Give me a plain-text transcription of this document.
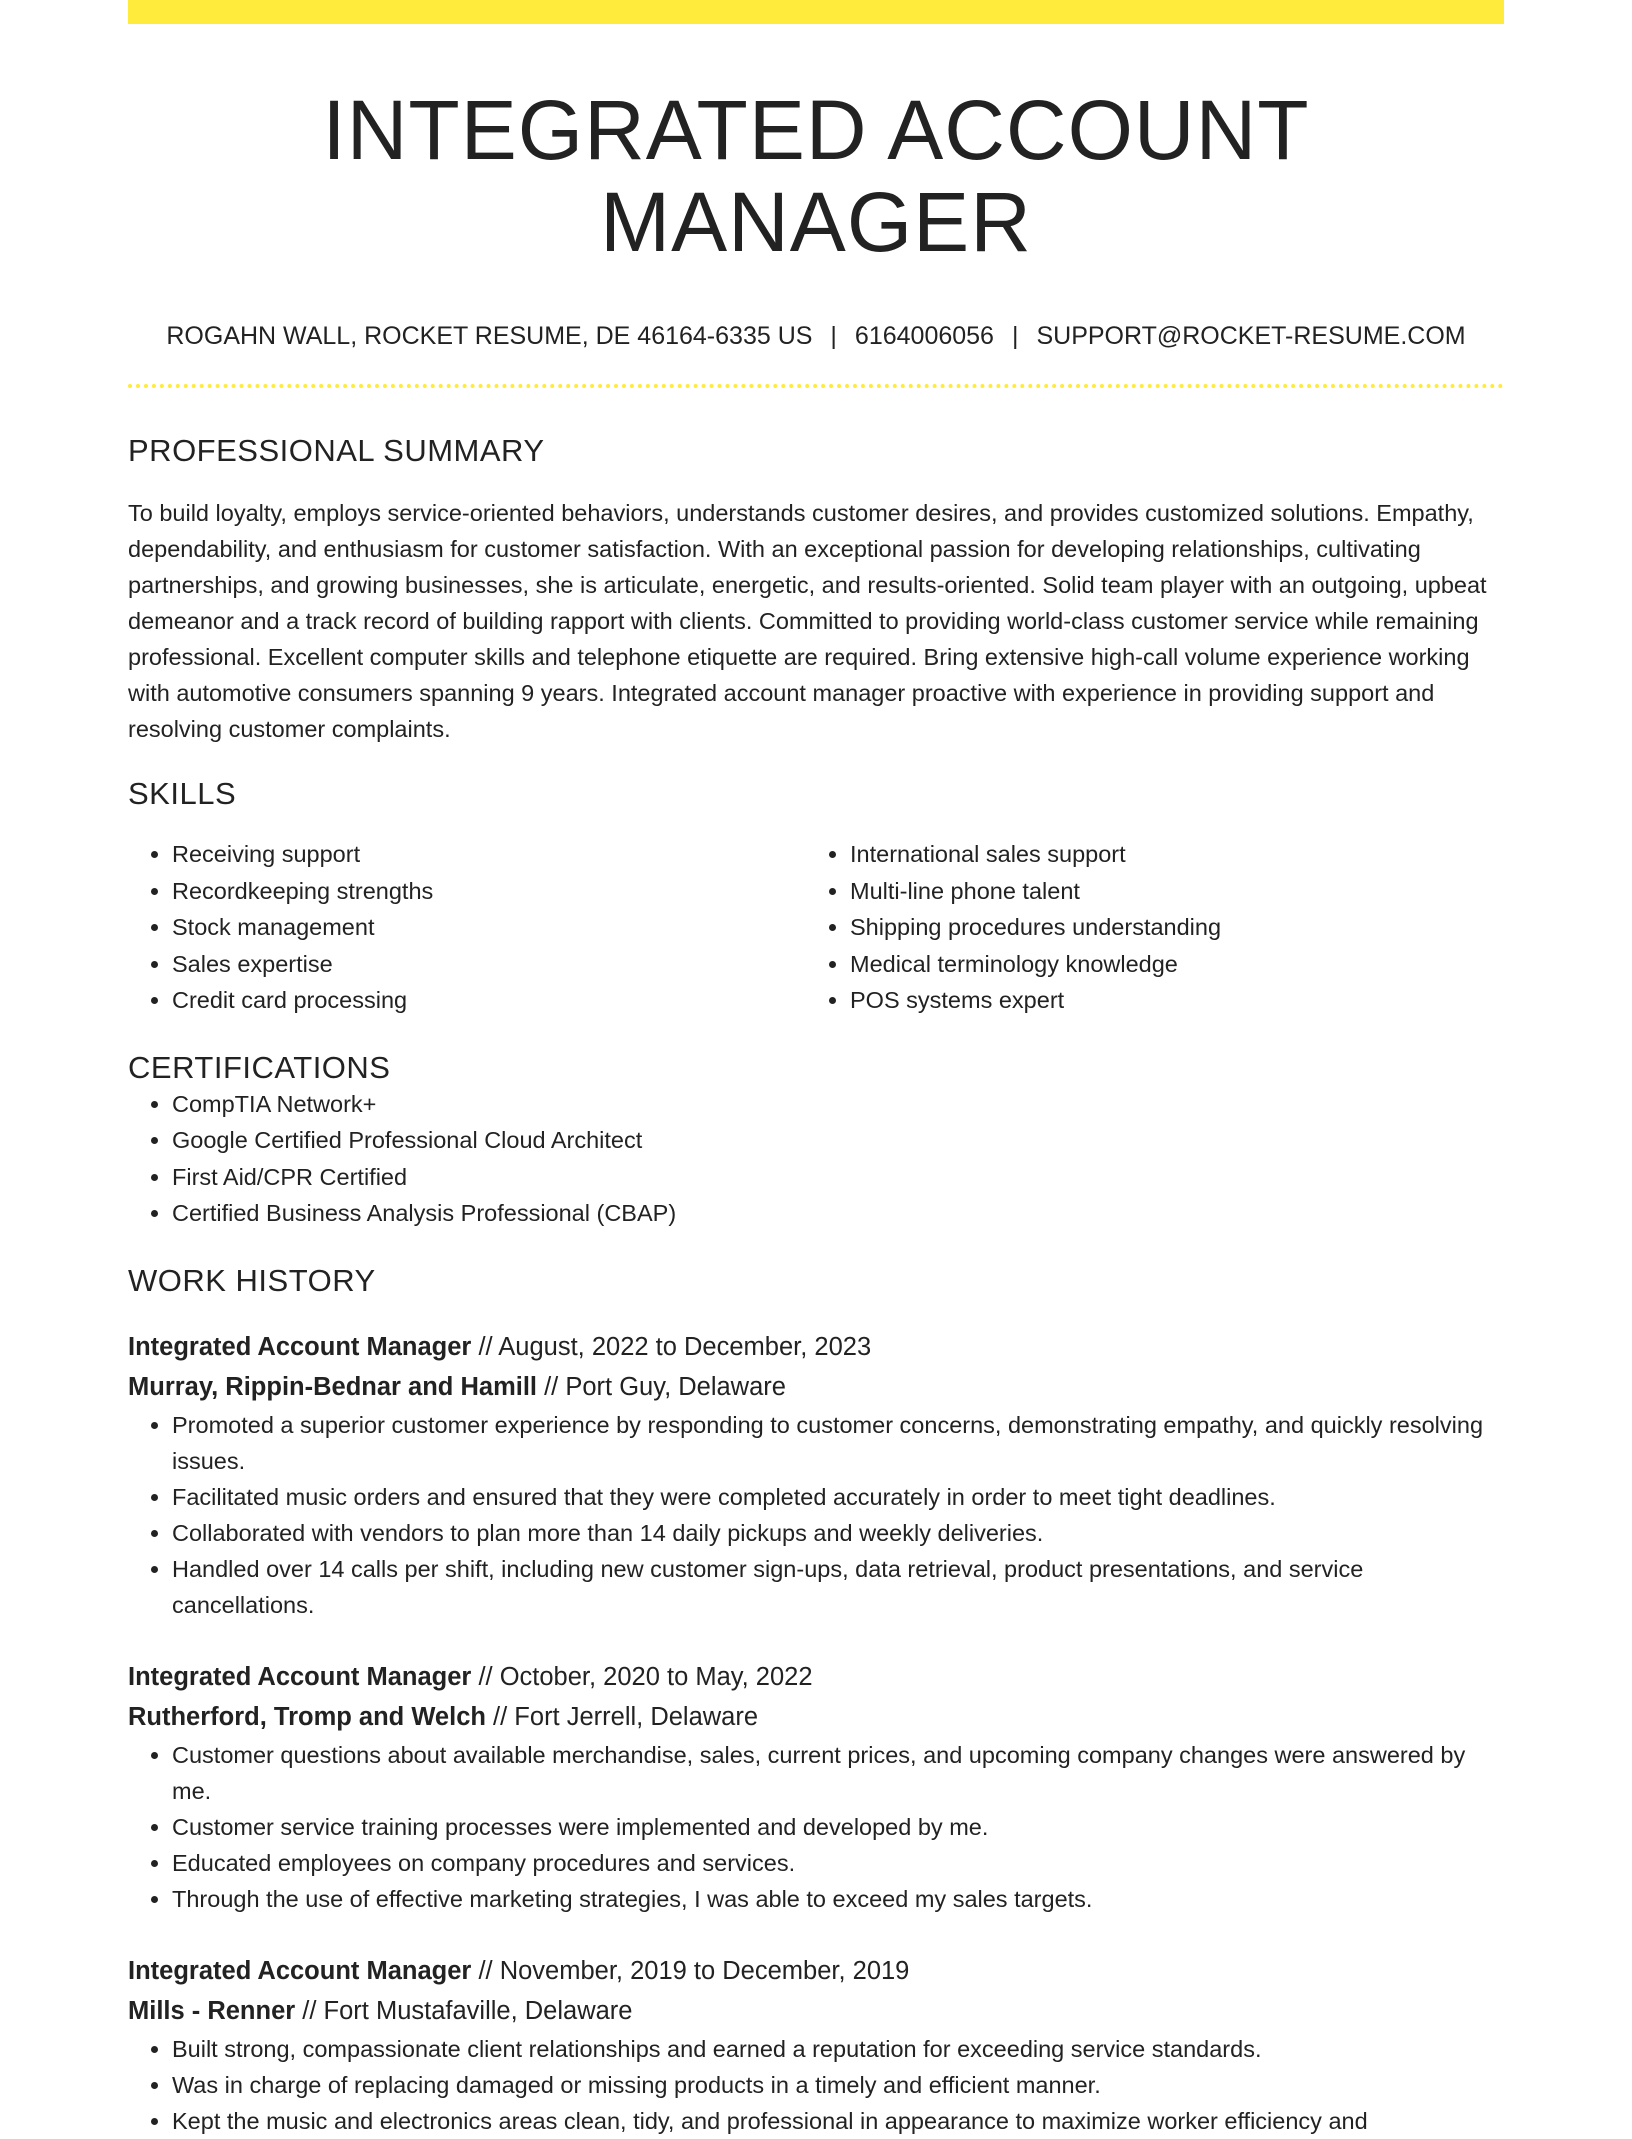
INTEGRATED ACCOUNT MANAGER
ROGAHN WALL, ROCKET RESUME, DE 46164-6335 US | 6164006056 | SUPPORT@ROCKET-RESUME.COM
PROFESSIONAL SUMMARY

To build loyalty, employs service-oriented behaviors, understands customer desires, and provides customized solutions. Empathy, dependability, and enthusiasm for customer satisfaction. With an exceptional passion for developing relationships, cultivating partnerships, and growing businesses, she is articulate, energetic, and results-oriented. Solid team player with an outgoing, upbeat demeanor and a track record of building rapport with clients. Committed to providing world-class customer service while remaining professional. Excellent computer skills and telephone etiquette are required. Bring extensive high-call volume experience working with automotive consumers spanning 9 years. Integrated account manager proactive with experience in providing support and resolving customer complaints.

SKILLS
• Receiving support
• Recordkeeping strengths
• Stock management
• Sales expertise
• Credit card processing
• International sales support
• Multi-line phone talent
• Shipping procedures understanding
• Medical terminology knowledge
• POS systems expert
CERTIFICATIONS
• CompTIA Network+
• Google Certified Professional Cloud Architect
• First Aid/CPR Certified
• Certified Business Analysis Professional (CBAP)
WORK HISTORY
Integrated Account Manager // August, 2022 to December, 2023
Murray, Rippin-Bednar and Hamill // Port Guy, Delaware
• Promoted a superior customer experience by responding to customer concerns, demonstrating empathy, and quickly resolving issues.
• Facilitated music orders and ensured that they were completed accurately in order to meet tight deadlines.
• Collaborated with vendors to plan more than 14 daily pickups and weekly deliveries.
• Handled over 14 calls per shift, including new customer sign-ups, data retrieval, product presentations, and service cancellations.
Integrated Account Manager // October, 2020 to May, 2022
Rutherford, Tromp and Welch // Fort Jerrell, Delaware
• Customer questions about available merchandise, sales, current prices, and upcoming company changes were answered by me.
• Customer service training processes were implemented and developed by me.
• Educated employees on company procedures and services.
• Through the use of effective marketing strategies, I was able to exceed my sales targets.
Integrated Account Manager // November, 2019 to December, 2019
Mills - Renner // Fort Mustafaville, Delaware
• Built strong, compassionate client relationships and earned a reputation for exceeding service standards.
• Was in charge of replacing damaged or missing products in a timely and efficient manner.
• Kept the music and electronics areas clean, tidy, and professional in appearance to maximize worker efficiency and
